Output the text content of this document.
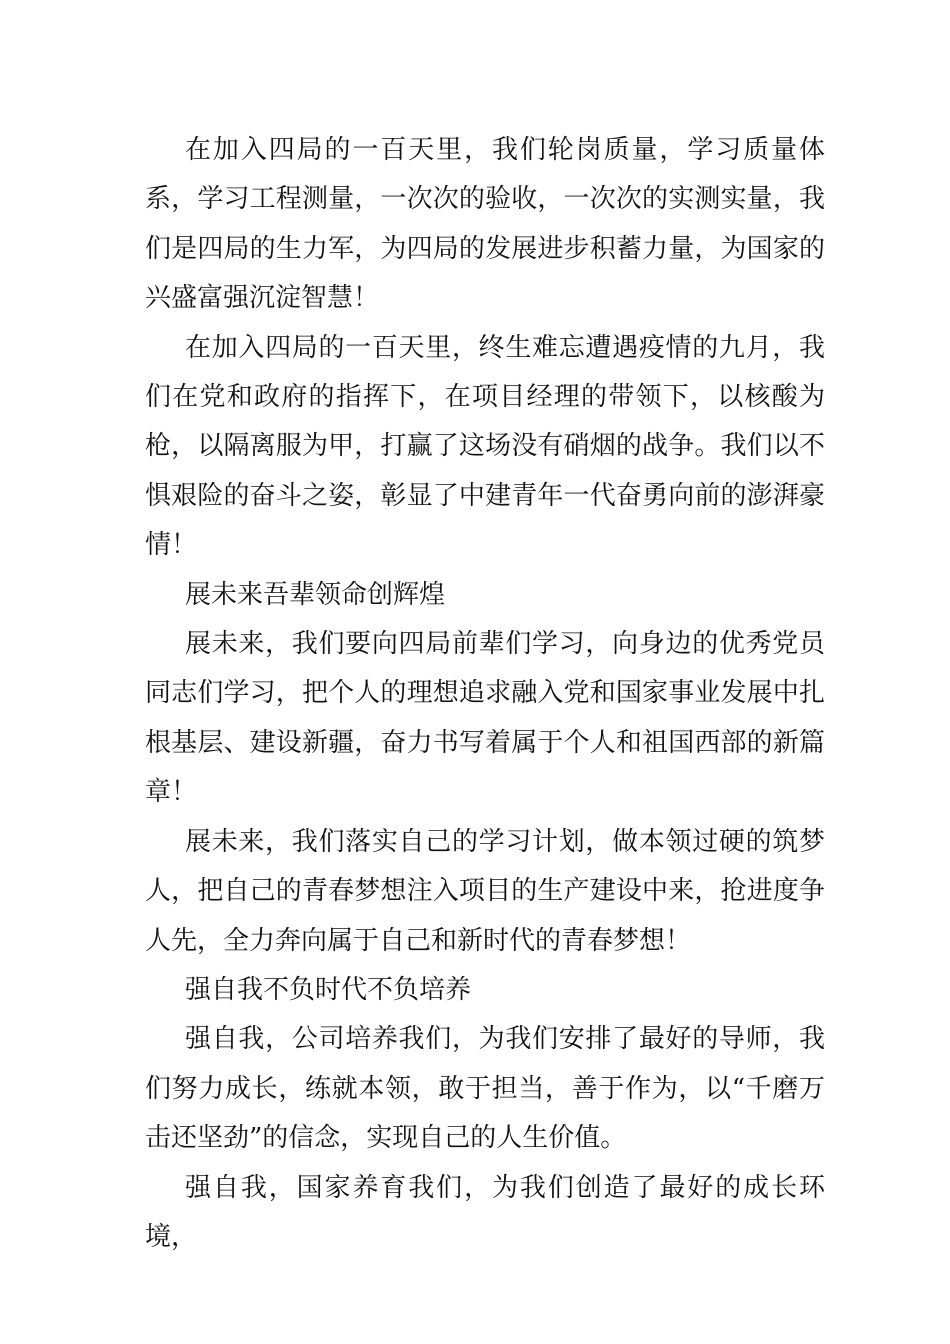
在加入四局的一百天里，我们轮岗质量，学习质量体系，学习工程测量，一次次的验收，一次次的实测实量，我们是四局的生力军，为四局的发展进步积蓄力量，为国家的兴盛富强沉淀智慧！

在加入四局的一百天里，终生难忘遭遇疫情的九月，我们在党和政府的指挥下，在项目经理的带领下，以核酸为枪，以隔离服为甲，打赢了这场没有硝烟的战争。我们以不惧艰险的奋斗之姿，彰显了中建青年一代奋勇向前的澎湃豪情！

展未来吾辈领命创辉煌

展未来，我们要向四局前辈们学习，向身边的优秀党员同志们学习，把个人的理想追求融入党和国家事业发展中扎根基层、建设新疆，奋力书写着属于个人和祖国西部的新篇章！

展未来，我们落实自己的学习计划，做本领过硬的筑梦人，把自己的青春梦想注入项目的生产建设中来，抢进度争人先，全力奔向属于自己和新时代的青春梦想！

强自我不负时代不负培养

强自我，公司培养我们，为我们安排了最好的导师，我们努力成长，练就本领，敢于担当，善于作为，以“千磨万击还坚劲”的信念，实现自己的人生价值。

强自我，国家养育我们，为我们创造了最好的成长环境，
